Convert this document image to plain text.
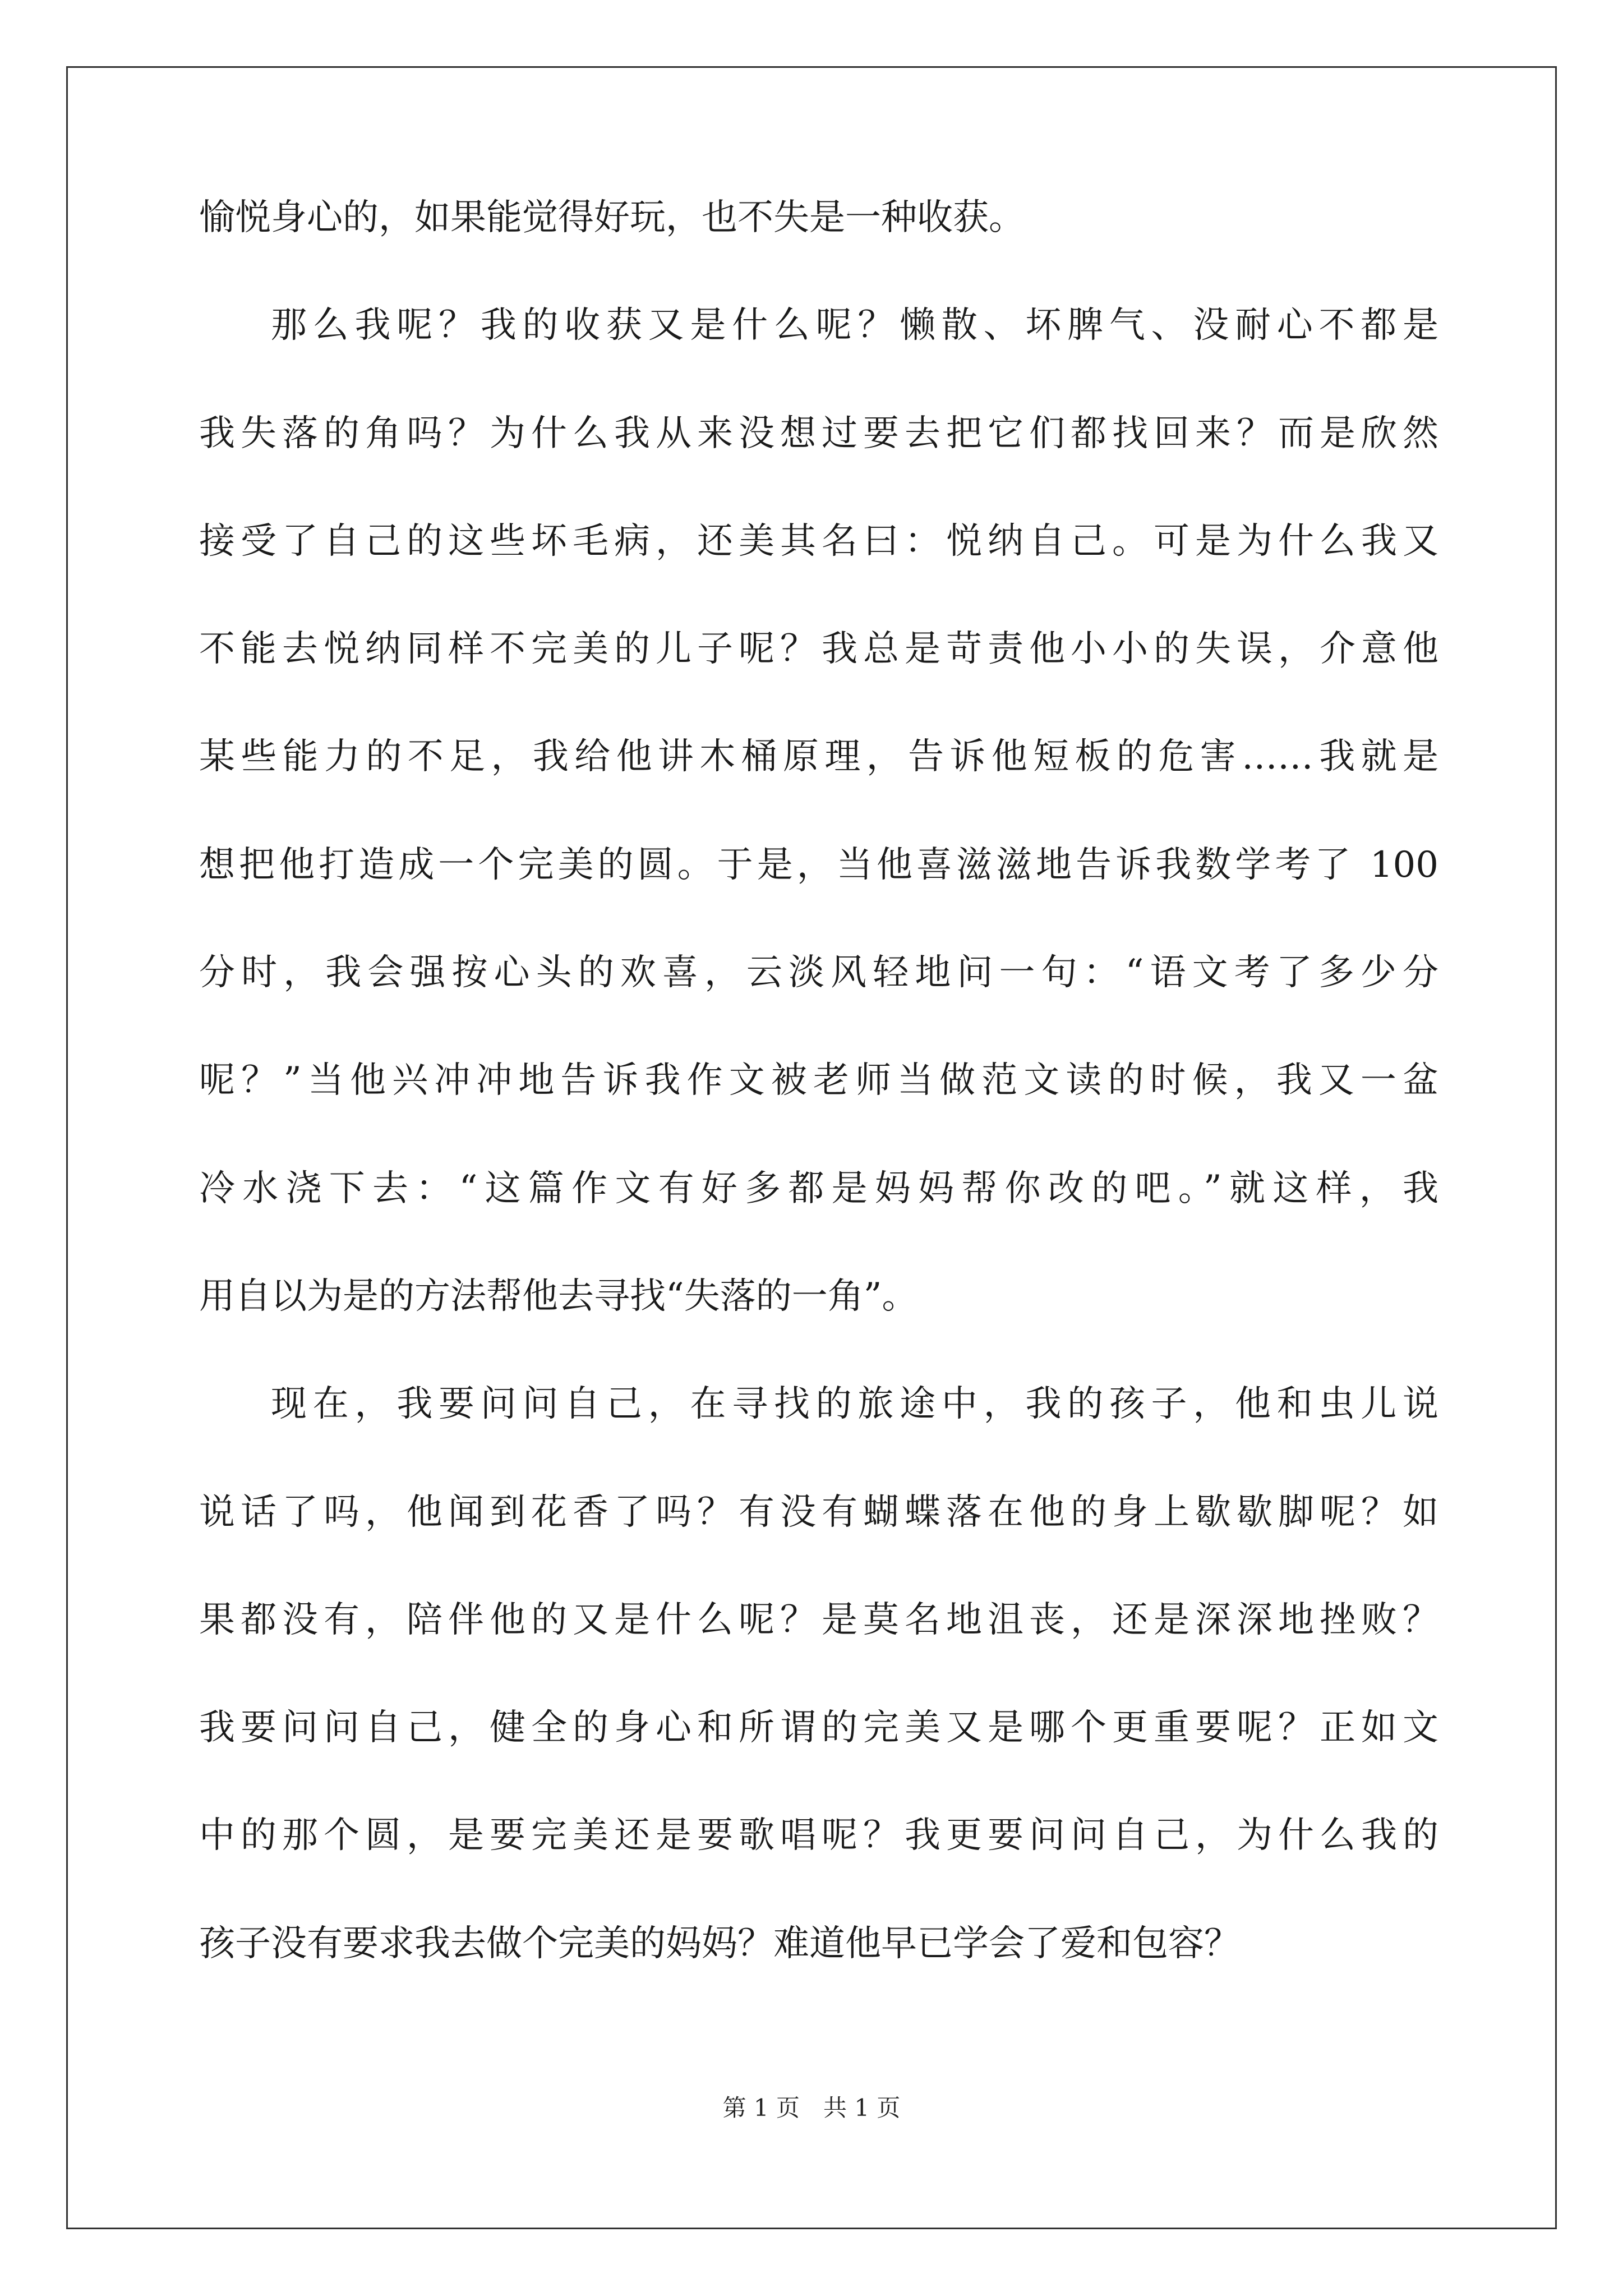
愉悦身心的，如果能觉得好玩，也不失是一种收获。
那么我呢？我的收获又是什么呢？懒散、坏脾气、没耐心不都是
我失落的角吗？为什么我从来没想过要去把它们都找回来？而是欣然
接受了自己的这些坏毛病，还美其名曰：悦纳自己。可是为什么我又
不能去悦纳同样不完美的儿子呢？我总是苛责他小小的失误，介意他
某些能力的不足，我给他讲木桶原理，告诉他短板的危害……我就是
想把他打造成一个完美的圆。于是，当他喜滋滋地告诉我数学考了 100
分时，我会强按心头的欢喜，云淡风轻地问一句：“语文考了多少分
呢？”当他兴冲冲地告诉我作文被老师当做范文读的时候，我又一盆
冷水浇下去：“这篇作文有好多都是妈妈帮你改的吧。”就这样，我
用自以为是的方法帮他去寻找“失落的一角”。
现在，我要问问自己，在寻找的旅途中，我的孩子，他和虫儿说
说话了吗，他闻到花香了吗？有没有蝴蝶落在他的身上歇歇脚呢？如
果都没有，陪伴他的又是什么呢？是莫名地沮丧，还是深深地挫败？
我要问问自己，健全的身心和所谓的完美又是哪个更重要呢？正如文
中的那个圆，是要完美还是要歌唱呢？我更要问问自己，为什么我的
孩子没有要求我去做个完美的妈妈？难道他早已学会了爱和包容？
第 1 页　共 1 页
